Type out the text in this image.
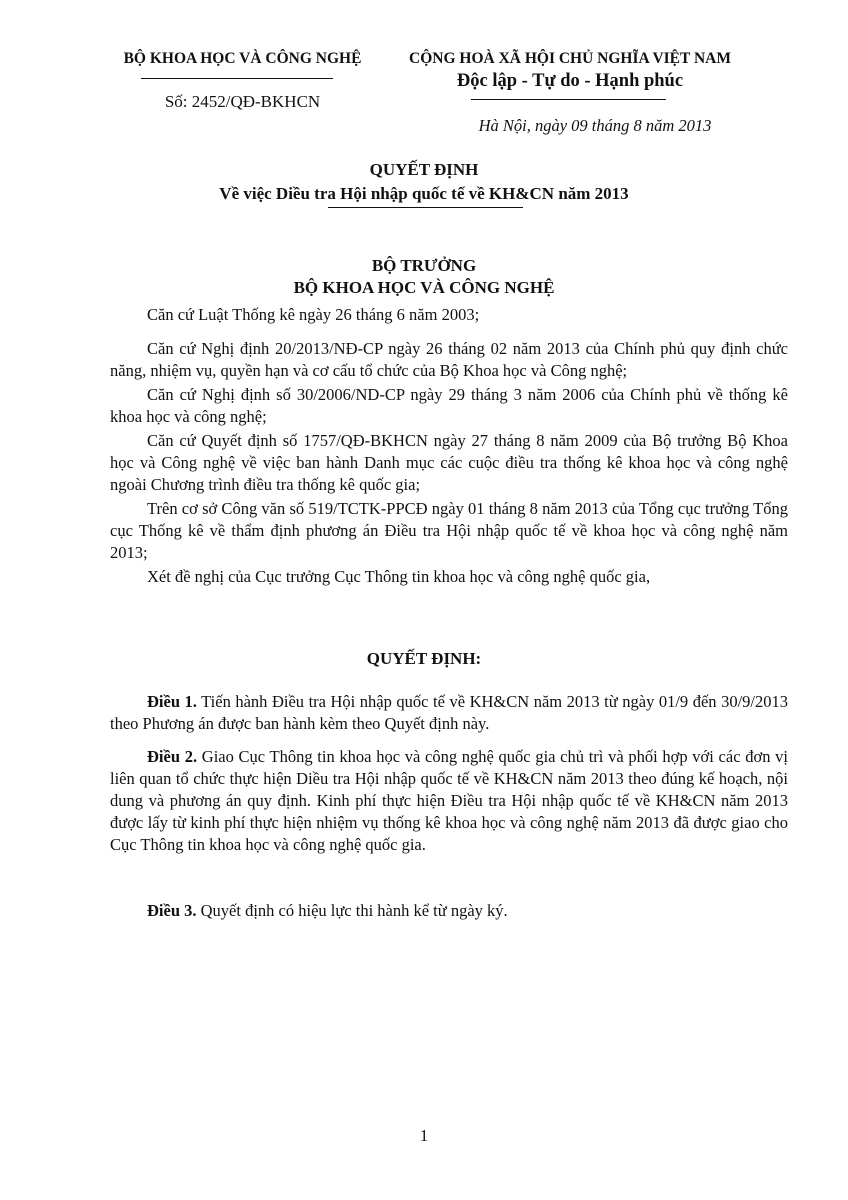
BỘ KHOA HỌC VÀ CÔNG NGHỆ
Số: 2452/QĐ-BKHCN
CỘNG HOÀ XÃ HỘI CHỦ NGHĨA VIỆT NAM
Độc lập - Tự do - Hạnh phúc
Hà Nội, ngày 09 tháng 8 năm 2013
QUYẾT ĐỊNH
Về việc Diều tra Hội nhập quốc tế về KH&CN năm 2013
BỘ TRƯỞNG
BỘ KHOA HỌC VÀ CÔNG NGHỆ
Căn cứ Luật Thống kê ngày 26 tháng 6 năm 2003;
Căn cứ Nghị định 20/2013/NĐ-CP ngày 26 tháng 02 năm 2013 của Chính phủ quy định chức năng, nhiệm vụ, quyền hạn và cơ cấu tổ chức của Bộ Khoa học và Công nghệ;
Căn cứ Nghị định số 30/2006/ND-CP ngày 29 tháng 3 năm 2006 của Chính phủ về thống kê khoa học và công nghệ;
Căn cứ Quyết định số 1757/QĐ-BKHCN ngày 27 tháng 8 năm 2009 của Bộ trưởng Bộ Khoa học và Công nghệ về việc ban hành Danh mục các cuộc điều tra thống kê khoa học và công nghệ ngoài Chương trình điều tra thống kê quốc gia;
Trên cơ sở Công văn số 519/TCTK-PPCĐ ngày 01 tháng 8 năm 2013 của Tổng cục trưởng Tổng cục Thống kê về thẩm định phương án Điều tra Hội nhập quốc tế về khoa học và công nghệ năm 2013;
Xét đề nghị của Cục trưởng Cục Thông tin khoa học và công nghệ quốc gia,
QUYẾT ĐỊNH:
Điều 1. Tiến hành Điều tra Hội nhập quốc tế về KH&CN năm 2013 từ ngày 01/9 đến 30/9/2013 theo Phương án được ban hành kèm theo Quyết định này.
Điều 2. Giao Cục Thông tin khoa học và công nghệ quốc gia chủ trì và phối hợp với các đơn vị liên quan tổ chức thực hiện Diều tra Hội nhập quốc tế về KH&CN năm 2013 theo đúng kế hoạch, nội dung và phương án quy định. Kinh phí thực hiện Điều tra Hội nhập quốc tế về KH&CN năm 2013 được lấy từ kinh phí thực hiện nhiệm vụ thống kê khoa học và công nghệ năm 2013 đã được giao cho Cục Thông tin khoa học và công nghệ quốc gia.
Điều 3. Quyết định có hiệu lực thi hành kể từ ngày ký.
1
